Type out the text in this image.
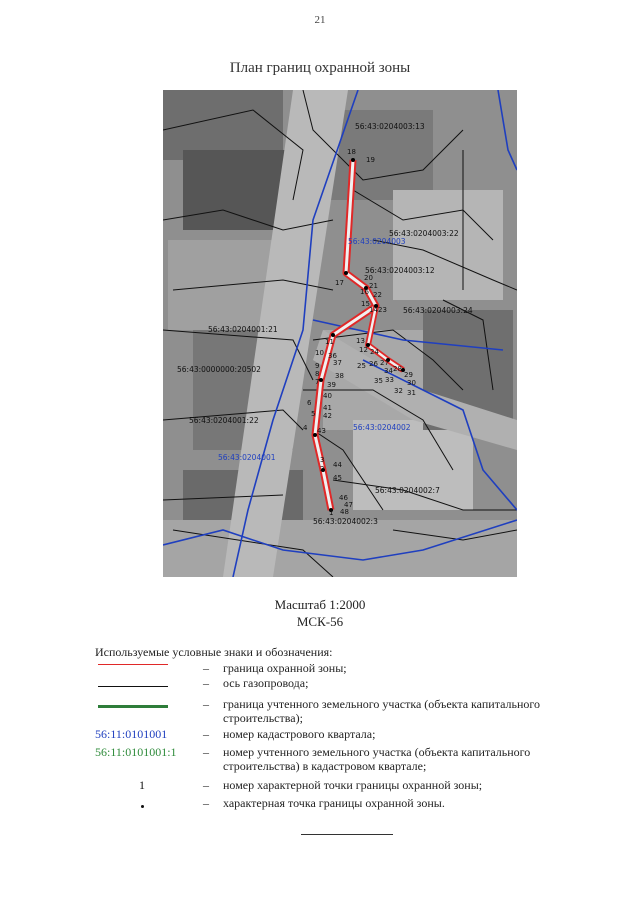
21
План границ охранной зоны
56:43:0204003
56:43:0204002
56:43:0204001
56:43:0204003:13
56:43:0204003:22
56:43:0204003:12
56:43:0204003:24
56:43:0204001:21
56:43:0000000:20502
56:43:0204001:22
56:43:0204002:7
56:43:0204002:3
18
19
20
21
17
16 22
15
14 23
13
11
10	12 24
25 26 27
28
29
30
31
32
33
34
35
36
37
38
39
40
9
8
7
6
5
41
42
4 43
3
2 44
45
46
47
48
1
Масштаб 1:2000
МСК-56
Используемые условные знаки и обозначения:
– граница охранной зоны;
– ось газопровода;
– граница учтенного земельного участка (объекта капитального строительства);
56:11:0101001	– номер кадастрового квартала;
56:11:0101001:1 – номер учтенного земельного участка (объекта капитального строительства) в кадастровом квартале;
1	– номер характерной точки границы охранной зоны;
– характерная точка границы охранной зоны.
